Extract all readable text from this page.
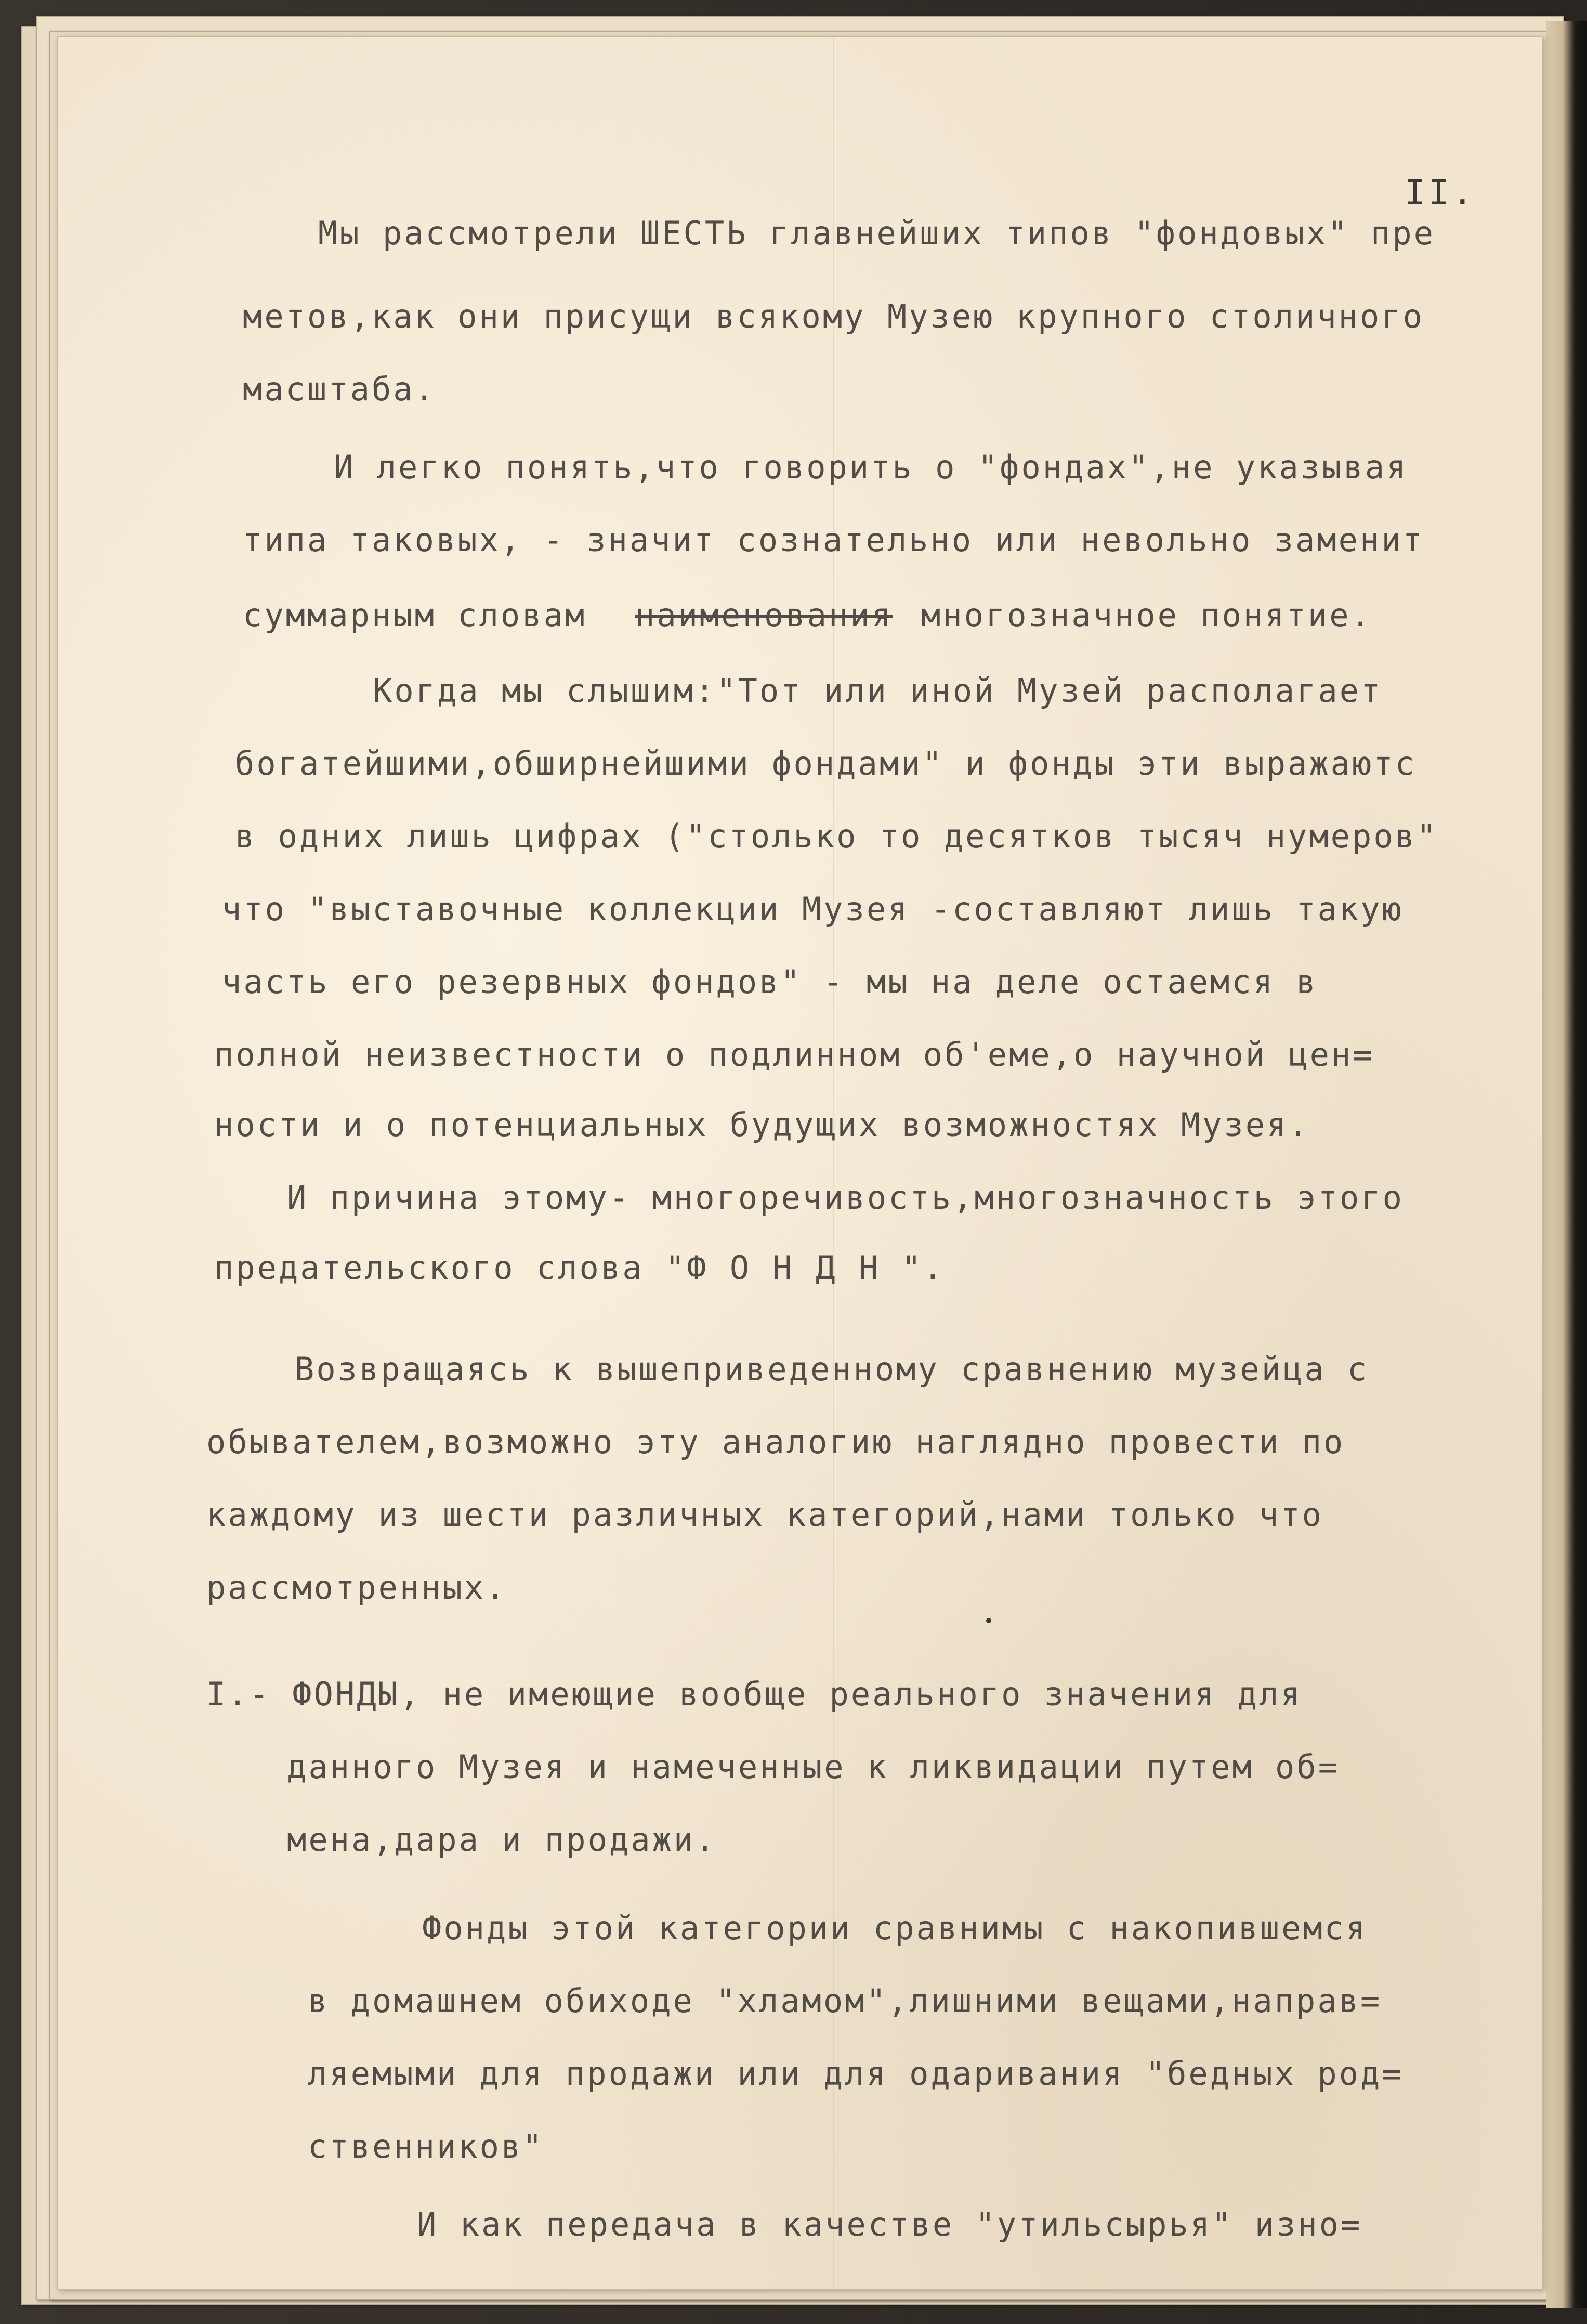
II.
Мы рассмотрели ШЕСТЬ главнейших типов "фондовых" пре
метов,как они присущи всякому Музею крупного столичного
масштаба.
И легко понять,что говорить о "фондах",не указывая
типа таковых, - значит сознательно или невольно заменит
суммарным словам наименования многозначное понятие.
Когда мы слышим:"Тот или иной Музей располагает
богатейшими,обширнейшими фондами" и фонды эти выражаютс
в одних лишь цифрах ("столько то десятков тысяч нумеров"
что "выставочные коллекции Музея -составляют лишь такую
часть его резервных фондов" - мы на деле остаемся в
полной неизвестности о подлинном об'еме,о научной цен=
ности и о потенциальных будущих возможностях Музея.
И причина этому- многоречивость,многозначность этого
предательского слова "Ф О Н Д Н ".
Возвращаясь к вышеприведенному сравнению музейца с
обывателем,возможно эту аналогию наглядно провести по
каждому из шести различных категорий,нами только что
рассмотренных.
I.- ФОНДЫ, не имеющие вообще реального значения для
данного Музея и намеченные к ликвидации путем об=
мена,дара и продажи.
Фонды этой категории сравнимы с накопившемся
в домашнем обиходе "хламом",лишними вещами,направ=
ляемыми для продажи или для одаривания "бедных род=
ственников"
И как передача в качестве "утильсырья" изно=
